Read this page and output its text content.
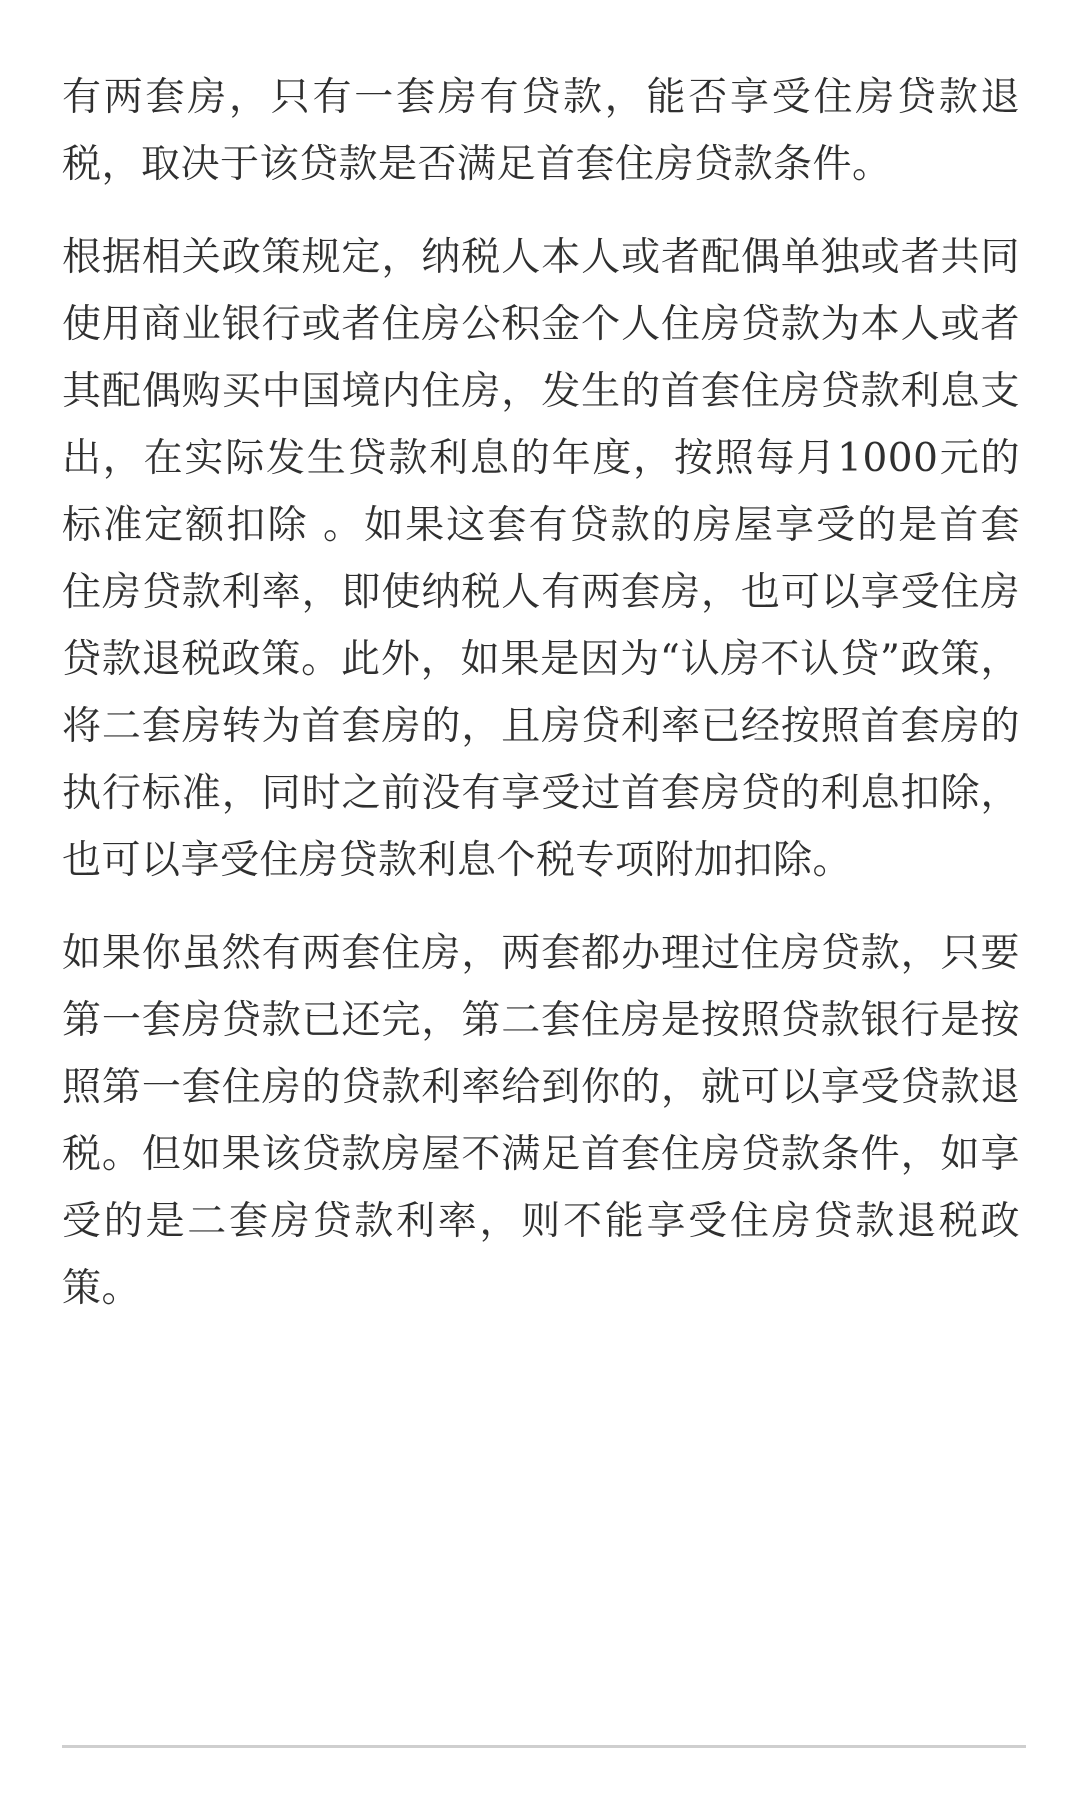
有两套房，只有一套房有贷款，能否享受住房贷款退税，取决于该贷款是否满足首套住房贷款条件。

根据相关政策规定，纳税人本人或者配偶单独或者共同使用商业银行或者住房公积金个人住房贷款为本人或者其配偶购买中国境内住房，发生的首套住房贷款利息支出，在实际发生贷款利息的年度，按照每月1000元的标准定额扣除 。如果这套有贷款的房屋享受的是首套住房贷款利率，即使纳税人有两套房，也可以享受住房贷款退税政策。此外，如果是因为“认房不认贷”政策，将二套房转为首套房的，且房贷利率已经按照首套房的执行标准，同时之前没有享受过首套房贷的利息扣除，也可以享受住房贷款利息个税专项附加扣除。

如果你虽然有两套住房，两套都办理过住房贷款，只要第一套房贷款已还完，第二套住房是按照贷款银行是按照第一套住房的贷款利率给到你的，就可以享受贷款退税。但如果该贷款房屋不满足首套住房贷款条件，如享受的是二套房贷款利率，则不能享受住房贷款退税政策。
